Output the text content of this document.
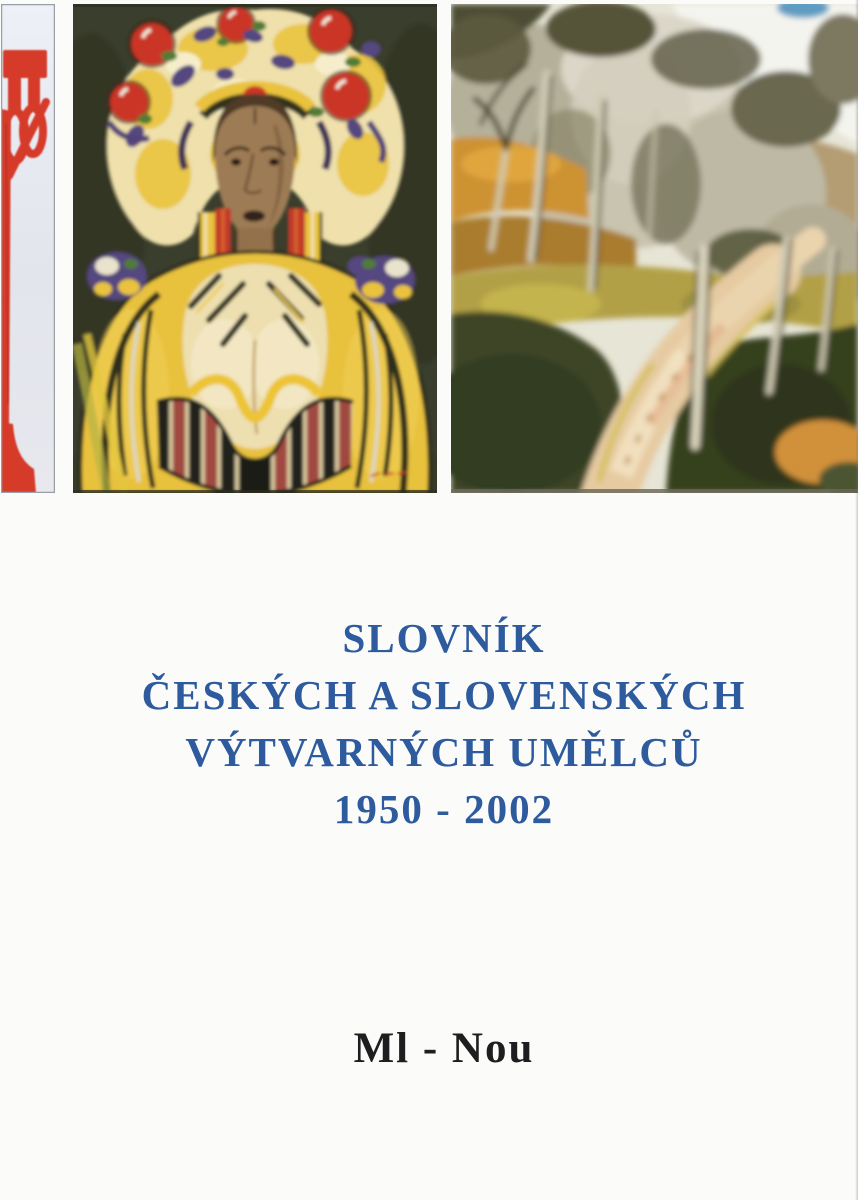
SLOVNÍK
ČESKÝCH A SLOVENSKÝCH
VÝTVARNÝCH UMĚLCŮ
1950 - 2002
Ml - Nou
